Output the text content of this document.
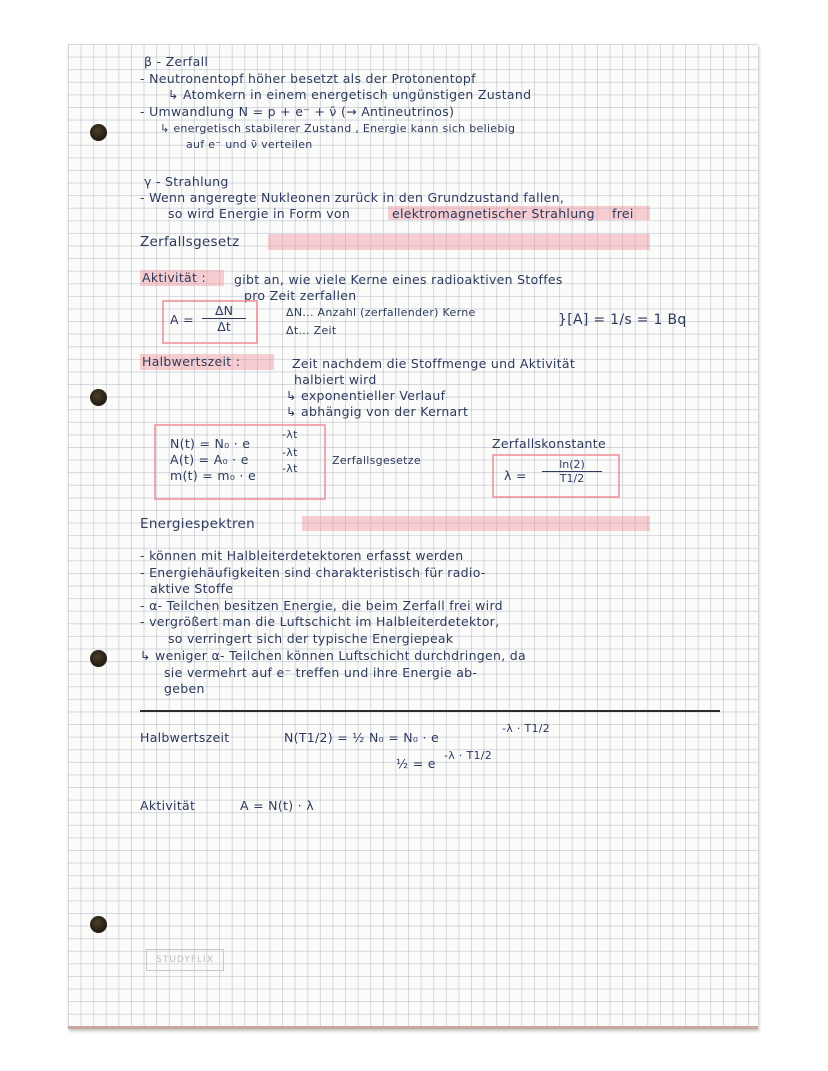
β - Zerfall
- Neutronentopf höher besetzt als der Protonentopf
↳ Atomkern in einem energetisch ungünstigen Zustand
- Umwandlung N = p + e⁻ + ν̄ (→ Antineutrinos)
↳ energetisch stabilerer Zustand , Energie kann sich beliebig
auf e⁻ und ν̄ verteilen
γ - Strahlung
- Wenn angeregte Nukleonen zurück in den Grundzustand fallen,
so wird Energie in Form von	elektromagnetischer Strahlung frei
Zerfallsgesetz
Aktivität : gibt an, wie viele Kerne eines radioaktiven Stoffes
pro Zeit zerfallen
$A = \frac{\Delta N}{\Delta t}$	ΔN... Anzahl (zerfallender) Kerne
Δt... Zeit
}[A] = 1/s = 1 Bq
Halbwertszeit :	Zeit nachdem die Stoffmenge und Aktivität
halbiert wird
↳ exponentieller Verlauf
↳ abhängig von der Kernart
N(t) = N₀ · e
-λt
A(t) = A₀ · e	-λt
m(t) = m₀ · e -λt
Zerfallsgesetze
Zerfallskonstante
$\lambda = \frac{\ln(2)}{T1/2}$
Energiespektren
- können mit Halbleiterdetektoren erfasst werden
- Energiehäufigkeiten sind charakteristisch für radio-
aktive Stoffe
- α- Teilchen besitzen Energie, die beim Zerfall frei wird
- vergrößert man die Luftschicht im Halbleiterdetektor,
so verringert sich der typische Energiepeak
↳ weniger α- Teilchen können Luftschicht durchdringen, da
sie vermehrt auf e⁻ treffen und ihre Energie ab-
geben
Halbwertszeit	N(T1/2) = ½ N₀ = N₀ · e
-λ · T1/2
½ = e
-λ · T1/2
Aktivität	A = N(t) · λ
STUDYFLIX
